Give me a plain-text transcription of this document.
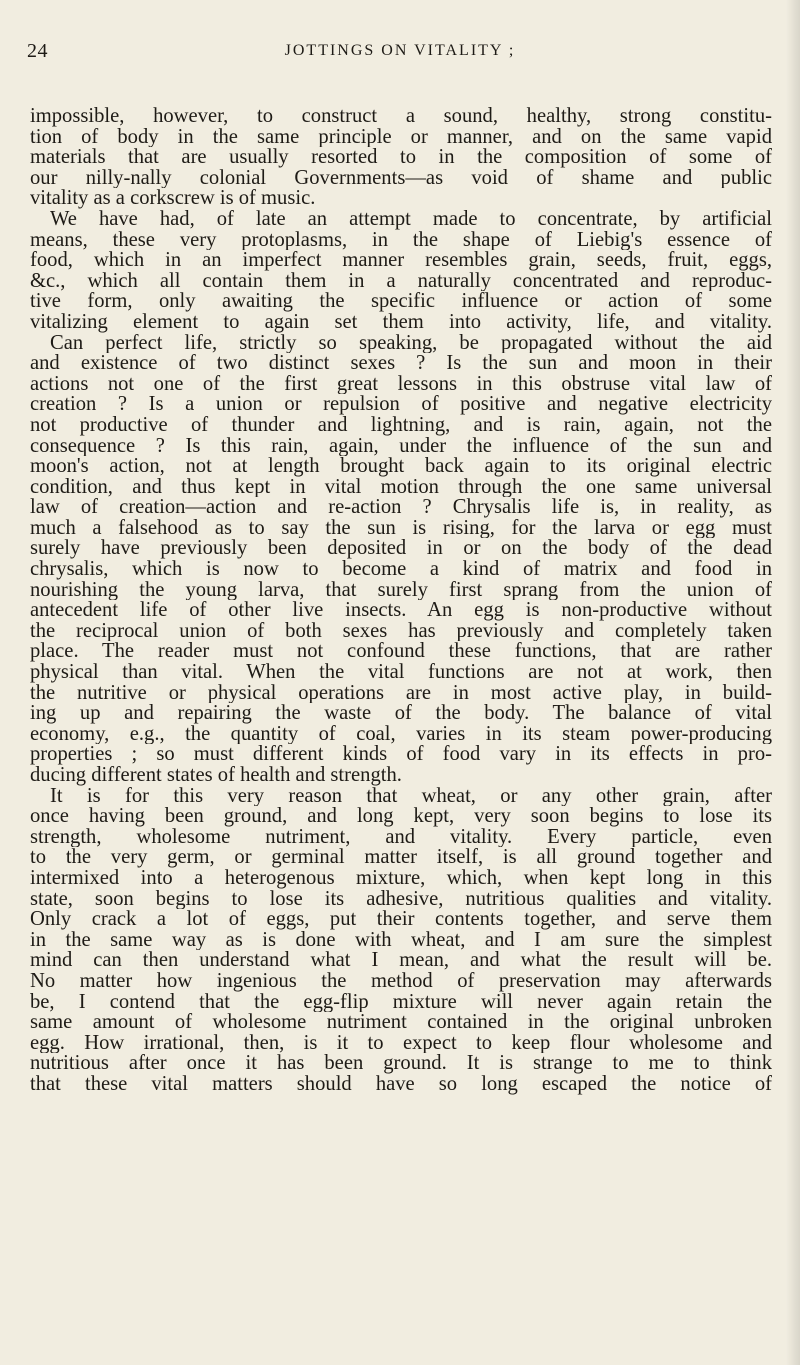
24	JOTTINGS ON VITALITY ;
impossible, however, to construct a sound, healthy, strong constitu-
tion of body in the same principle or manner, and on the same vapid
materials that are usually resorted to in the composition of some of
our nilly-nally colonial Governments—as void of shame and public
vitality as a corkscrew is of music.
We have had, of late an attempt made to concentrate, by artificial
means, these very protoplasms, in the shape of Liebig's essence of
food, which in an imperfect manner resembles grain, seeds, fruit, eggs,
&c., which all contain them in a naturally concentrated and reproduc-
tive form, only awaiting the specific influence or action of some
vitalizing element to again set them into activity, life, and vitality.
Can perfect life, strictly so speaking, be propagated without the aid
and existence of two distinct sexes ? Is the sun and moon in their
actions not one of the first great lessons in this obstruse vital law of
creation ? Is a union or repulsion of positive and negative electricity
not productive of thunder and lightning, and is rain, again, not the
consequence ? Is this rain, again, under the influence of the sun and
moon's action, not at length brought back again to its original electric
condition, and thus kept in vital motion through the one same universal
law of creation—action and re-action ? Chrysalis life is, in reality, as
much a falsehood as to say the sun is rising, for the larva or egg must
surely have previously been deposited in or on the body of the dead
chrysalis, which is now to become a kind of matrix and food in
nourishing the young larva, that surely first sprang from the union of
antecedent life of other live insects. An egg is non-productive without
the reciprocal union of both sexes has previously and completely taken
place. The reader must not confound these functions, that are rather
physical than vital. When the vital functions are not at work, then
the nutritive or physical operations are in most active play, in build-
ing up and repairing the waste of the body. The balance of vital
economy, e.g., the quantity of coal, varies in its steam power-producing
properties ; so must different kinds of food vary in its effects in pro-
ducing different states of health and strength.
It is for this very reason that wheat, or any other grain, after
once having been ground, and long kept, very soon begins to lose its
strength, wholesome nutriment, and vitality. Every particle, even
to the very germ, or germinal matter itself, is all ground together and
intermixed into a heterogenous mixture, which, when kept long in this
state, soon begins to lose its adhesive, nutritious qualities and vitality.
Only crack a lot of eggs, put their contents together, and serve them
in the same way as is done with wheat, and I am sure the simplest
mind can then understand what I mean, and what the result will be.
No matter how ingenious the method of preservation may afterwards
be, I contend that the egg-flip mixture will never again retain the
same amount of wholesome nutriment contained in the original unbroken
egg. How irrational, then, is it to expect to keep flour wholesome and
nutritious after once it has been ground. It is strange to me to think
that these vital matters should have so long escaped the notice of
